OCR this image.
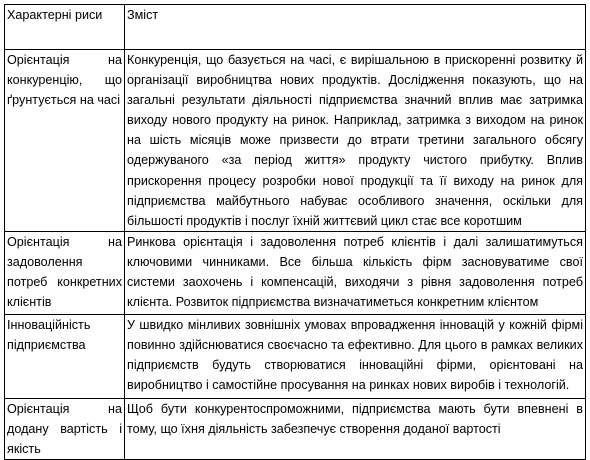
Характерні риси	Зміст
Орієнтація на конкуренцію, що ґрунтується на часі	Конкуренція, що базується на часі, є вирішальною в прискоренні розвитку й організації виробництва нових продуктів. Дослідження показують, що на загальні результати діяльності підприємства значний вплив має затримка виходу нового продукту на ринок. Наприклад, затримка з виходом на ринок на шість місяців може призвести до втрати третини загального обсягу одержуваного «за період життя» продукту чистого прибутку. Вплив прискорення процесу розробки нової продукції та її виходу на ринок для підприємства майбутнього набуває особливого значення, оскільки для більшості продуктів і послуг їхній життєвий цикл стає все коротшим
Орієнтація на задоволення потреб конкретних клієнтів	Ринкова орієнтація і задоволення потреб клієнтів і далі залишатимуться ключовими чинниками. Все більша кількість фірм засновуватиме свої системи заохочень і компенсацій, виходячи з рівня задоволення потреб клієнта. Розвиток підприємства визначатиметься конкретним клієнтом
Інноваційність підприємства	У швидко мінливих зовнішніх умовах впровадження інновацій у кожній фірмі повинно здійснюватися своєчасно та ефективно. Для цього в рамках великих підприємств будуть створюватися інноваційні фірми, орієнтовані на виробництво і самостійне просування на ринках нових виробів і технологій.
Орієнтація на додану вартість і якість	Щоб бути конкурентоспроможними, підприємства мають бути впевнені в тому, що їхня діяльність забезпечує створення доданої вартості
